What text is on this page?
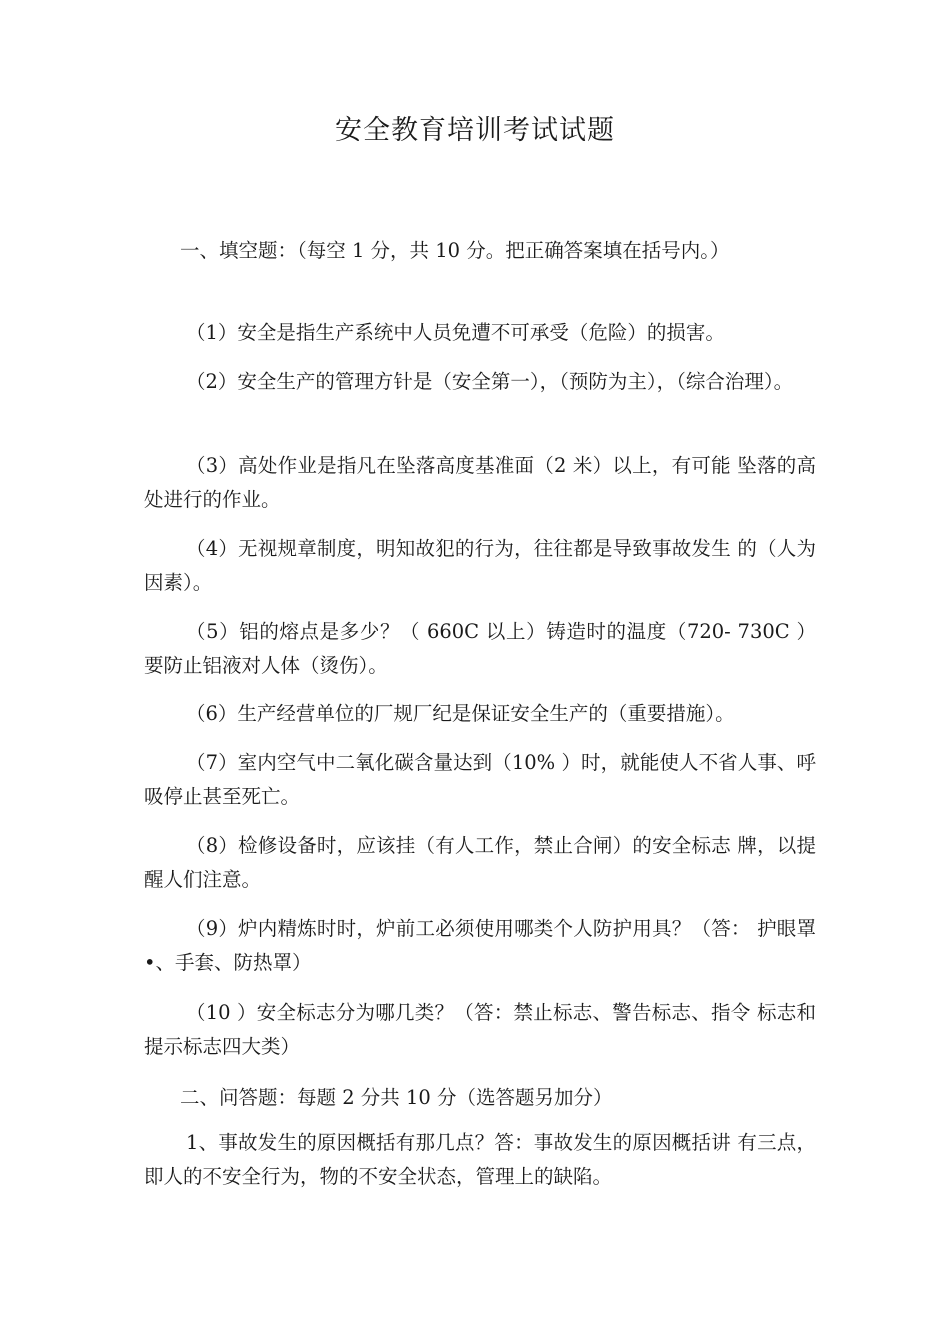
安全教育培训考试试题

一、填空题：（每空 1 分，共 10 分。把正确答案填在括号内。）

（1）安全是指生产系统中人员免遭不可承受（危险）的损害。

（2）安全生产的管理方针是（安全第一），（预防为主），（综合治理）。

（3）高处作业是指凡在坠落高度基准面（2 米）以上，有可能 坠落的高处进行的作业。

（4）无视规章制度，明知故犯的行为，往往都是导致事故发生 的（人为因素）。

（5）铝的熔点是多少？（ 660C 以上）铸造时的温度（720- 730C ）要防止铝液对人体（烫伤）。

（6）生产经营单位的厂规厂纪是保证安全生产的（重要措施）。

（7）室内空气中二氧化碳含量达到（10% ）时，就能使人不省人事、呼吸停止甚至死亡。

（8）检修设备时，应该挂（有人工作，禁止合闸）的安全标志 牌，以提醒人们注意。

（9）炉内精炼时时，炉前工必须使用哪类个人防护用具？（答： 护眼罩•、手套、防热罩）

（10 ）安全标志分为哪几类？（答：禁止标志、警告标志、指令 标志和提示标志四大类）

二、问答题：每题 2 分共 10 分（选答题另加分）

1、事故发生的原因概括有那几点？答：事故发生的原因概括讲 有三点，即人的不安全行为，物的不安全状态，管理上的缺陷。
